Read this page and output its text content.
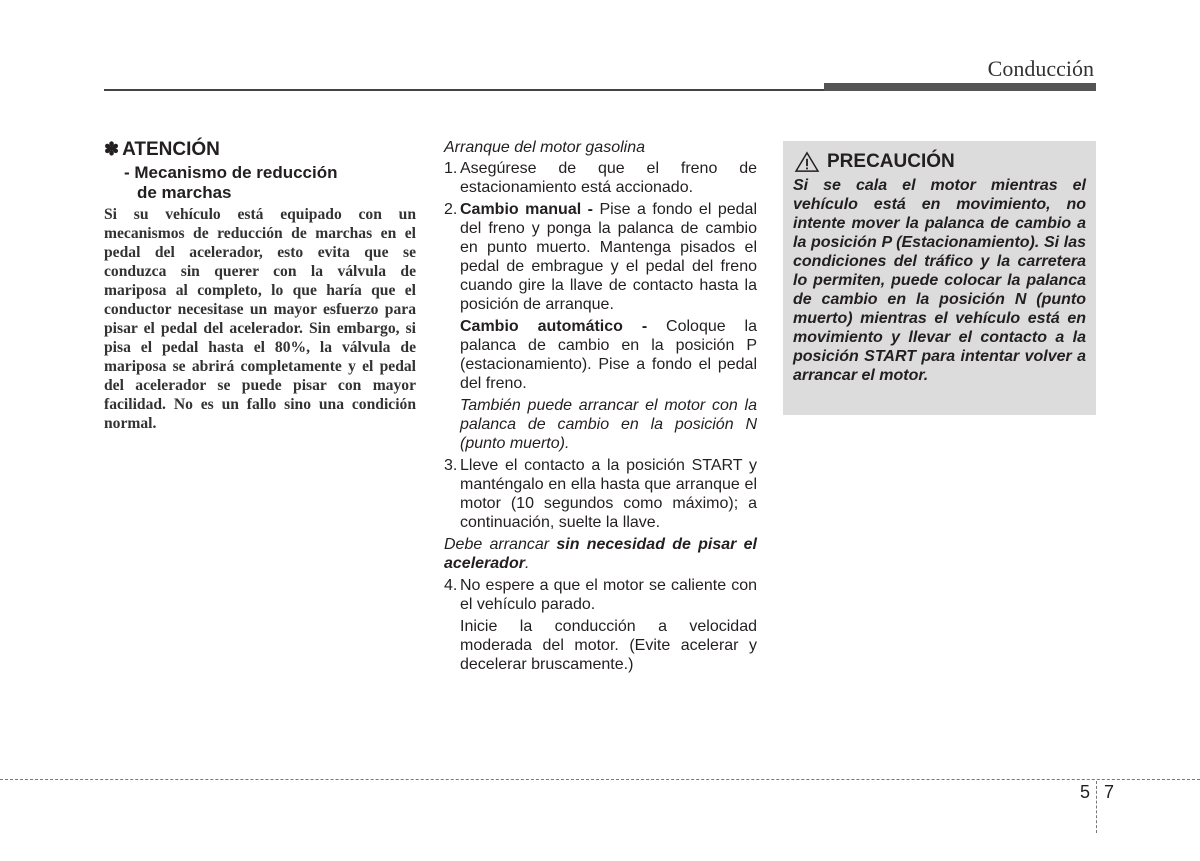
Conducción
✽ ATENCIÓN
- Mecanismo de reducción
de marchas

Si su vehículo está equipado con un mecanismos de reducción de marchas en el pedal del acelerador, esto evita que se conduzca sin querer con la válvula de mariposa al completo, lo que haría que el conductor necesitase un mayor esfuerzo para pisar el pedal del acelerador. Sin embargo, si pisa el pedal hasta el 80%, la válvula de mariposa se abrirá completamente y el pedal del acelerador se puede pisar con mayor facilidad. No es un fallo sino una condición normal.

Arranque del motor gasolina
1. Asegúrese de que el freno de estacionamiento está accionado.
2. Cambio manual - Pise a fondo el pedal del freno y ponga la palanca de cambio en punto muerto. Mantenga pisados el pedal de embrague y el pedal del freno cuando gire la llave de contacto hasta la posición de arranque.
Cambio automático - Coloque la palanca de cambio en la posición P (estacionamiento). Pise a fondo el pedal del freno.
También puede arrancar el motor con la palanca de cambio en la posición N (punto muerto).
3. Lleve el contacto a la posición START y manténgalo en ella hasta que arranque el motor (10 segundos como máximo); a continuación, suelte la llave.
Debe arrancar sin necesidad de pisar el acelerador.
4. No espere a que el motor se caliente con el vehículo parado.
Inicie la conducción a velocidad moderada del motor. (Evite acelerar y decelerar bruscamente.)
PRECAUCIÓN

Si se cala el motor mientras el vehículo está en movimiento, no intente mover la palanca de cambio a la posición P (Estacionamiento). Si las condiciones del tráfico y la carretera lo permiten, puede colocar la palanca de cambio en la posición N (punto muerto) mientras el vehículo está en movimiento y llevar el contacto a la posición START para intentar volver a arrancar el motor.

5 7
